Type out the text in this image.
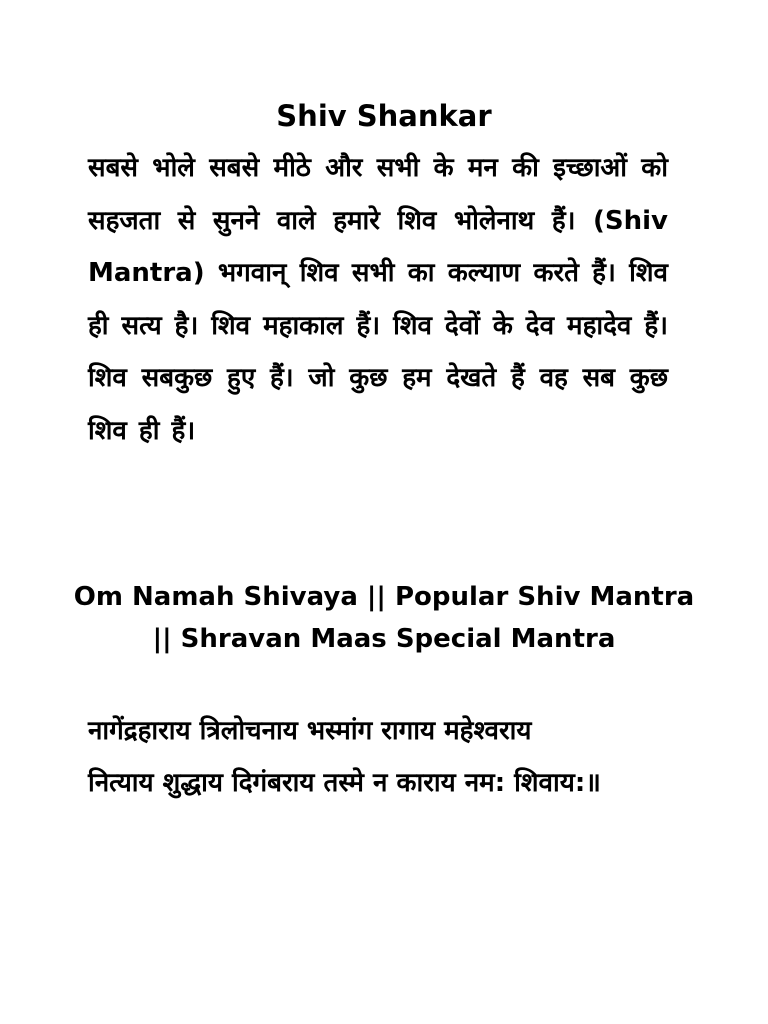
Shiv Shankar

सबसे भोले सबसे मीठे और सभी के मन की इच्छाओं को सहजता से सुनने वाले हमारे शिव भोलेनाथ हैं। (Shiv Mantra) भगवान् शिव सभी का कल्याण करते हैं। शिव ही सत्य है। शिव महाकाल हैं। शिव देवों के देव महादेव हैं। शिव सबकुछ हुए हैं। जो कुछ हम देखते हैं वह सब कुछ शिव ही हैं।

Om Namah Shivaya || Popular Shiv Mantra || Shravan Maas Special Mantra

नागेंद्रहाराय त्रिलोचनाय भस्मांग रागाय महेश्वराय
नित्याय शुद्धाय दिगंबराय तस्मे न काराय नम: शिवाय:॥
